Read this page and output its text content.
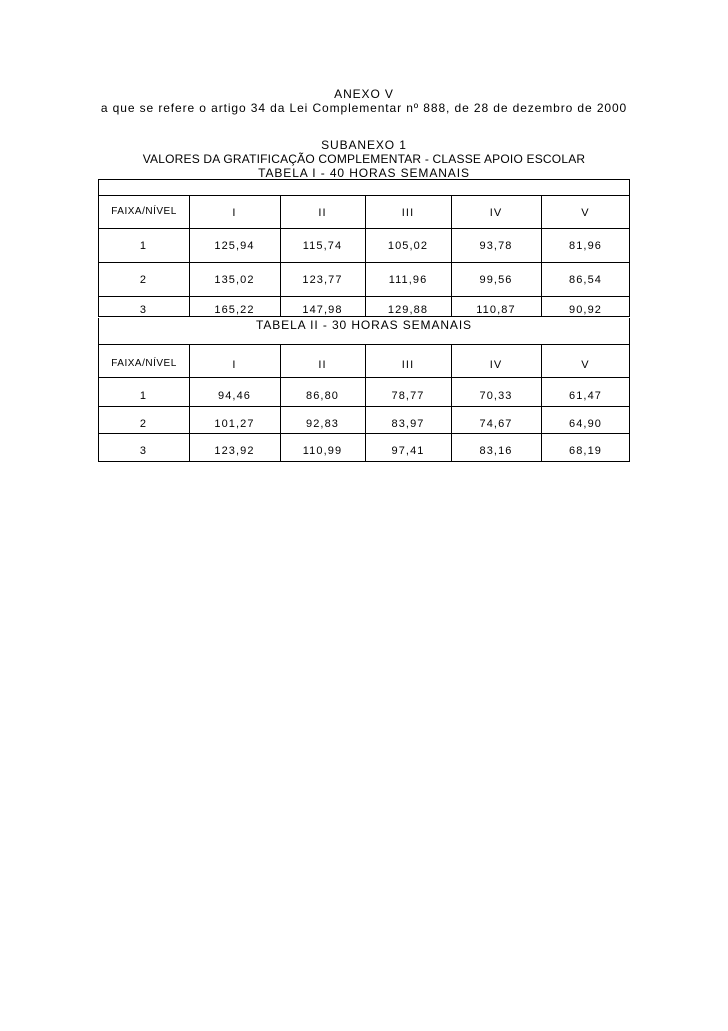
ANEXO V
a que se refere o artigo 34 da Lei Complementar nº 888, de 28 de dezembro de 2000
SUBANEXO 1
VALORES DA GRATIFICAÇÃO COMPLEMENTAR - CLASSE APOIO ESCOLAR
TABELA I - 40 HORAS SEMANAIS
TABELA II - 30 HORAS SEMANAIS
FAIXA/NÍVEL	I	II	III	IV	V
1	125,94	115,74	105,02	93,78	81,96
2	135,02	123,77	111,96	99,56	86,54
3	165,22	147,98	129,88	110,87	90,92
FAIXA/NÍVEL	I	II	III	IV	V
1	94,46	86,80	78,77	70,33	61,47
2	101,27	92,83	83,97	74,67	64,90
3	123,92	110,99	97,41	83,16	68,19
